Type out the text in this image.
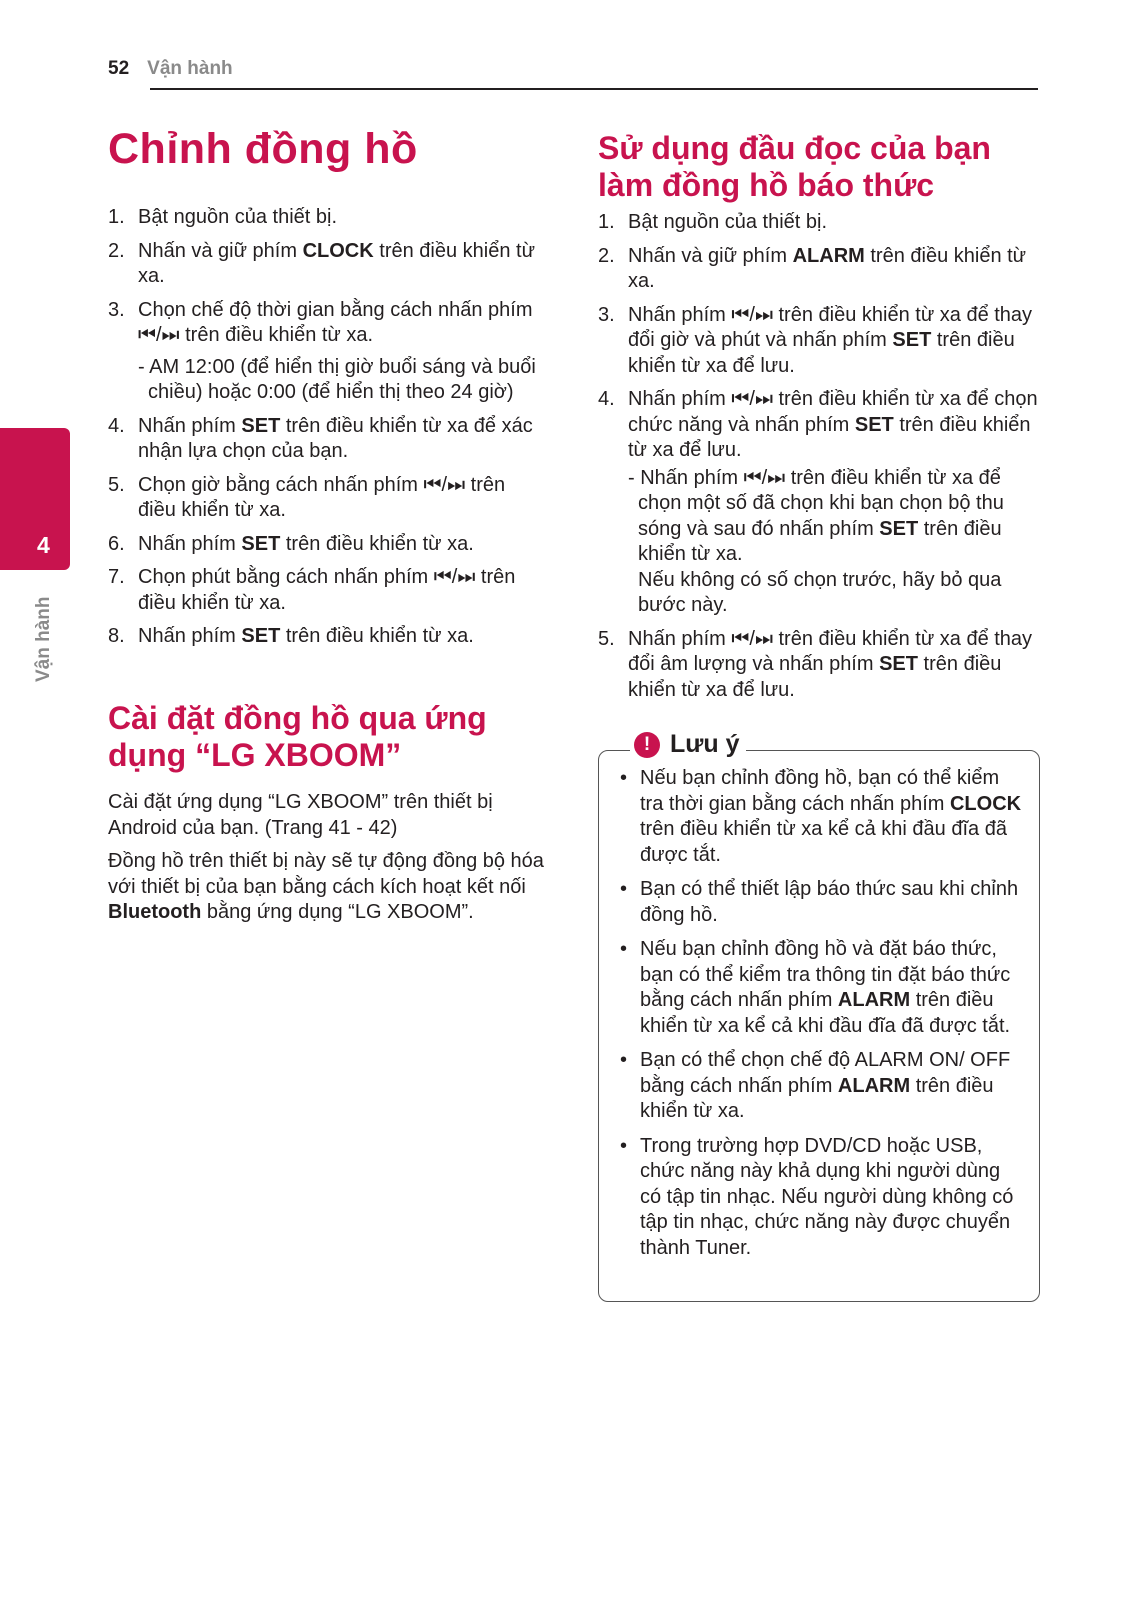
52 Vận hành
4
Vận hành
Chỉnh đồng hồ
1. Bật nguồn của thiết bị.
2. Nhấn và giữ phím CLOCK trên điều khiển từ xa.
3. Chọn chế độ thời gian bằng cách nhấn phím ⏮/⏭ trên điều khiển từ xa.
- AM 12:00 (để hiển thị giờ buổi sáng và buổi chiều) hoặc 0:00 (để hiển thị theo 24 giờ)
4. Nhấn phím SET trên điều khiển từ xa để xác nhận lựa chọn của bạn.
5. Chọn giờ bằng cách nhấn phím ⏮/⏭ trên điều khiển từ xa.
6. Nhấn phím SET trên điều khiển từ xa.
7. Chọn phút bằng cách nhấn phím ⏮/⏭ trên điều khiển từ xa.
8. Nhấn phím SET trên điều khiển từ xa.
Cài đặt đồng hồ qua ứng dụng “LG XBOOM”

Cài đặt ứng dụng “LG XBOOM” trên thiết bị Android của bạn. (Trang 41 - 42)

Đồng hồ trên thiết bị này sẽ tự động đồng bộ hóa với thiết bị của bạn bằng cách kích hoạt kết nối Bluetooth bằng ứng dụng “LG XBOOM”.

Sử dụng đầu đọc của bạn làm đồng hồ báo thức
1. Bật nguồn của thiết bị.
2. Nhấn và giữ phím ALARM trên điều khiển từ xa.
3. Nhấn phím ⏮/⏭ trên điều khiển từ xa để thay đổi giờ và phút và nhấn phím SET trên điều khiển từ xa để lưu.
4. Nhấn phím ⏮/⏭ trên điều khiển từ xa để chọn chức năng và nhấn phím SET trên điều khiển từ xa để lưu.
- Nhấn phím ⏮/⏭ trên điều khiển từ xa để chọn một số đã chọn khi bạn chọn bộ thu sóng và sau đó nhấn phím SET trên điều khiển từ xa.
Nếu không có số chọn trước, hãy bỏ qua bước này.
5. Nhấn phím ⏮/⏭ trên điều khiển từ xa để thay đổi âm lượng và nhấn phím SET trên điều khiển từ xa để lưu.
! Lưu ý
• Nếu bạn chỉnh đồng hồ, bạn có thể kiểm tra thời gian bằng cách nhấn phím CLOCK trên điều khiển từ xa kể cả khi đầu đĩa đã được tắt.
• Bạn có thể thiết lập báo thức sau khi chỉnh đồng hồ.
• Nếu bạn chỉnh đồng hồ và đặt báo thức, bạn có thể kiểm tra thông tin đặt báo thức bằng cách nhấn phím ALARM trên điều khiển từ xa kể cả khi đầu đĩa đã được tắt.
• Bạn có thể chọn chế độ ALARM ON/ OFF bằng cách nhấn phím ALARM trên điều khiển từ xa.
• Trong trường hợp DVD/CD hoặc USB, chức năng này khả dụng khi người dùng có tập tin nhạc. Nếu người dùng không có tập tin nhạc, chức năng này được chuyển thành Tuner.
